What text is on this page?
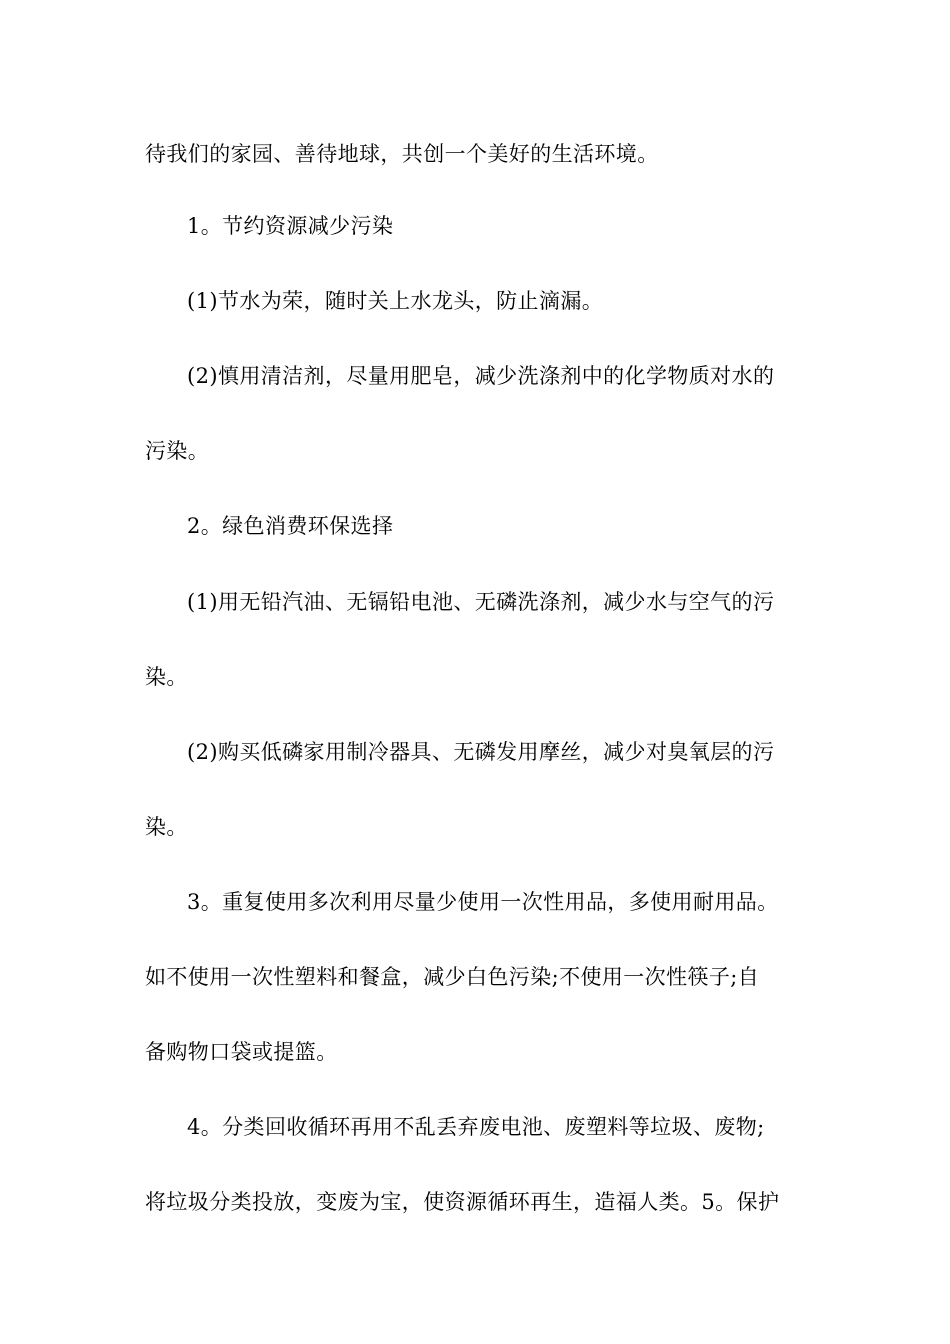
待我们的家园、善待地球，共创一个美好的生活环境。
1。节约资源减少污染
(1)节水为荣，随时关上水龙头，防止滴漏。
(2)慎用清洁剂，尽量用肥皂，减少洗涤剂中的化学物质对水的
污染。
2。绿色消费环保选择
(1)用无铅汽油、无镉铅电池、无磷洗涤剂，减少水与空气的污
染。
(2)购买低磷家用制冷器具、无磷发用摩丝，减少对臭氧层的污
染。
3。重复使用多次利用尽量少使用一次性用品，多使用耐用品。
如不使用一次性塑料和餐盒，减少白色污染;不使用一次性筷子;自
备购物口袋或提篮。
4。分类回收循环再用不乱丢弃废电池、废塑料等垃圾、废物;
将垃圾分类投放，变废为宝，使资源循环再生，造福人类。5。保护
